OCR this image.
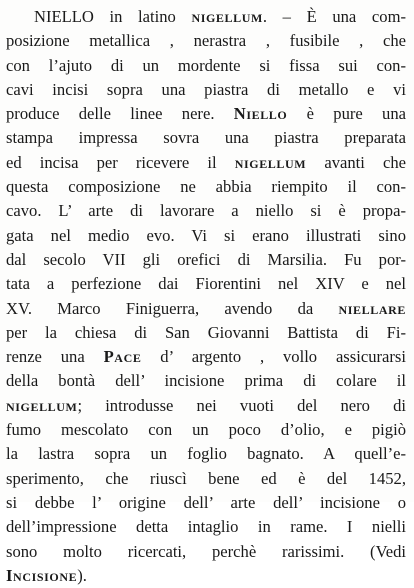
NIELLO in latino nigellum. – È una com-
posizione metallica , nerastra , fusibile , che
con l’ajuto di un mordente si fissa sui con-
cavi incisi sopra una piastra di metallo e vi
produce delle linee nere. Niello è pure una
stampa impressa sovra una piastra preparata
ed incisa per ricevere il nigellum avanti che
questa composizione ne abbia riempito il con-
cavo. L’ arte di lavorare a niello si è propa-
gata nel medio evo. Vi si erano illustrati sino
dal secolo VII gli orefici di Marsilia. Fu por-
tata a perfezione dai Fiorentini nel XIV e nel
XV. Marco Finiguerra, avendo da niellare
per la chiesa di San Giovanni Battista di Fi-
renze una Pace d’ argento , vollo assicurarsi
della bontà dell’ incisione prima di colare il
nigellum; introdusse nei vuoti del nero di
fumo mescolato con un poco d’olio, e pigiò
la lastra sopra un foglio bagnato. A quell’e-
sperimento, che riuscì bene ed è del 1452,
si debbe l’ origine dell’ arte dell’ incisione o
dell’impressione detta intaglio in rame. I nielli
sono molto ricercati, perchè rarissimi. (Vedi
Incisione).
